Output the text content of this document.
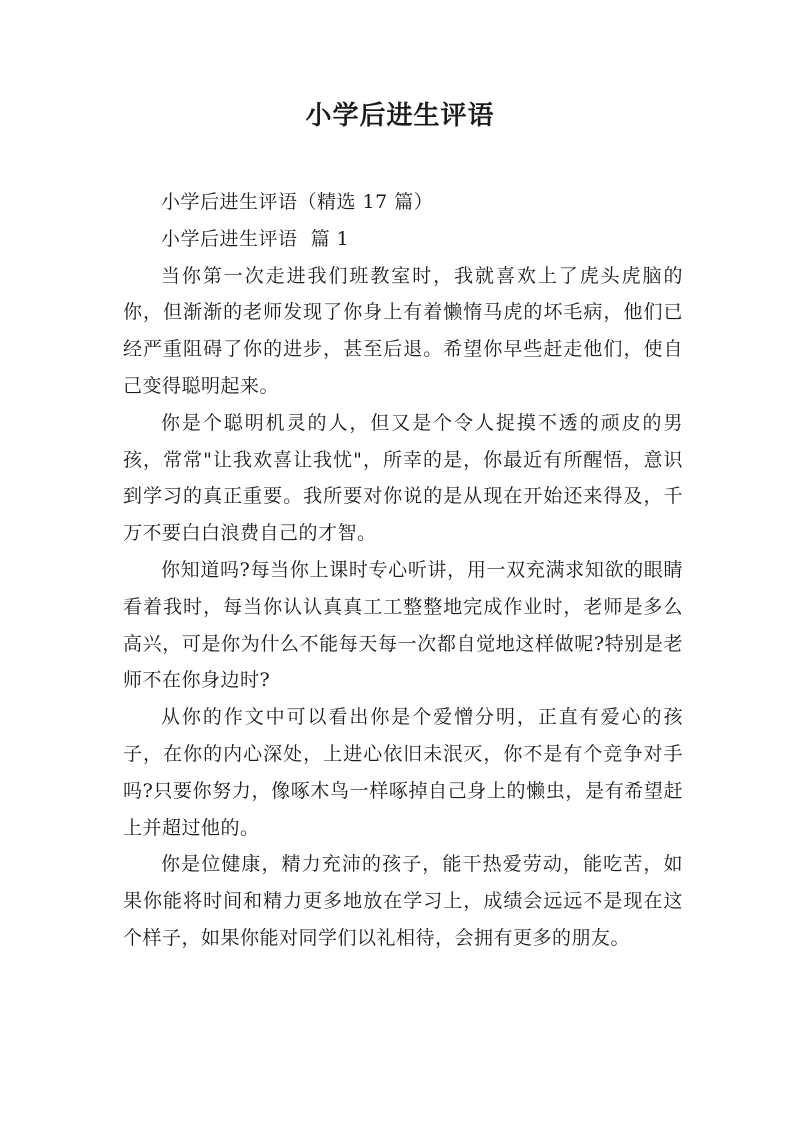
小学后进生评语

小学后进生评语（精选 17 篇）

小学后进生评语  篇 1

当你第一次走进我们班教室时，我就喜欢上了虎头虎脑的你，但渐渐的老师发现了你身上有着懒惰马虎的坏毛病，他们已经严重阻碍了你的进步，甚至后退。希望你早些赶走他们，使自己变得聪明起来。

你是个聪明机灵的人，但又是个令人捉摸不透的顽皮的男孩，常常"让我欢喜让我忧"，所幸的是，你最近有所醒悟，意识到学习的真正重要。我所要对你说的是从现在开始还来得及，千万不要白白浪费自己的才智。

你知道吗?每当你上课时专心听讲，用一双充满求知欲的眼睛看着我时，每当你认认真真工工整整地完成作业时，老师是多么高兴，可是你为什么不能每天每一次都自觉地这样做呢?特别是老师不在你身边时?

从你的作文中可以看出你是个爱憎分明，正直有爱心的孩子，在你的内心深处，上进心依旧未泯灭，你不是有个竞争对手吗?只要你努力，像啄木鸟一样啄掉自己身上的懒虫，是有希望赶上并超过他的。

你是位健康，精力充沛的孩子，能干热爱劳动，能吃苦，如果你能将时间和精力更多地放在学习上，成绩会远远不是现在这个样子，如果你能对同学们以礼相待，会拥有更多的朋友。
